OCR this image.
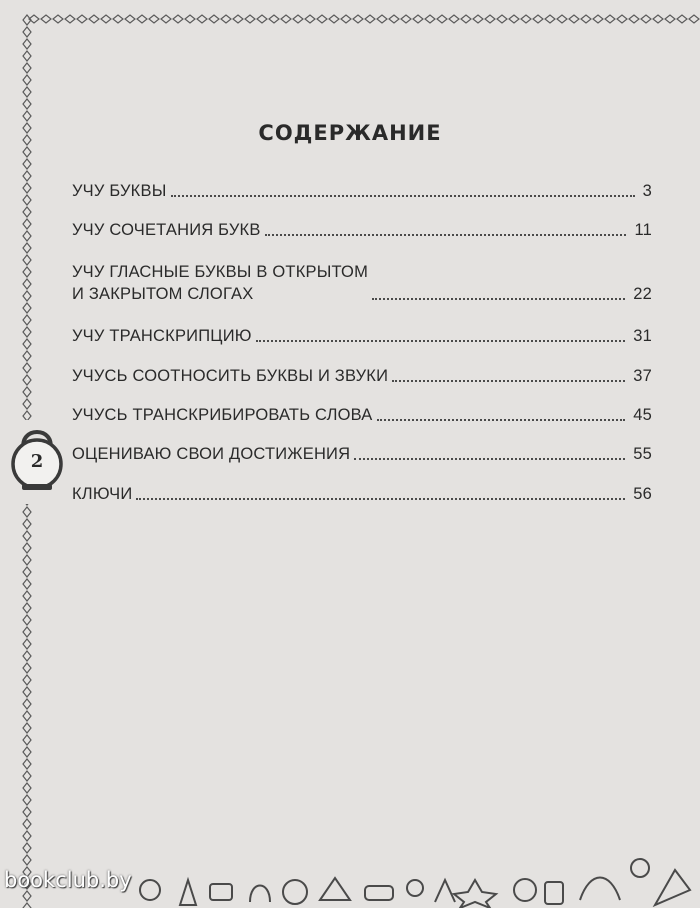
2
СОДЕРЖАНИЕ
УЧУ БУКВЫ	3
УЧУ СОЧЕТАНИЯ БУКВ	11
УЧУ ГЛАСНЫЕ БУКВЫ В ОТКРЫТОМ
И ЗАКРЫТОМ СЛОГАХ	22
УЧУ ТРАНСКРИПЦИЮ	31
УЧУСЬ СООТНОСИТЬ БУКВЫ И ЗВУКИ	37
УЧУСЬ ТРАНСКРИБИРОВАТЬ СЛОВА	45
ОЦЕНИВАЮ СВОИ ДОСТИЖЕНИЯ	55
КЛЮЧИ	56
bookclub.by
